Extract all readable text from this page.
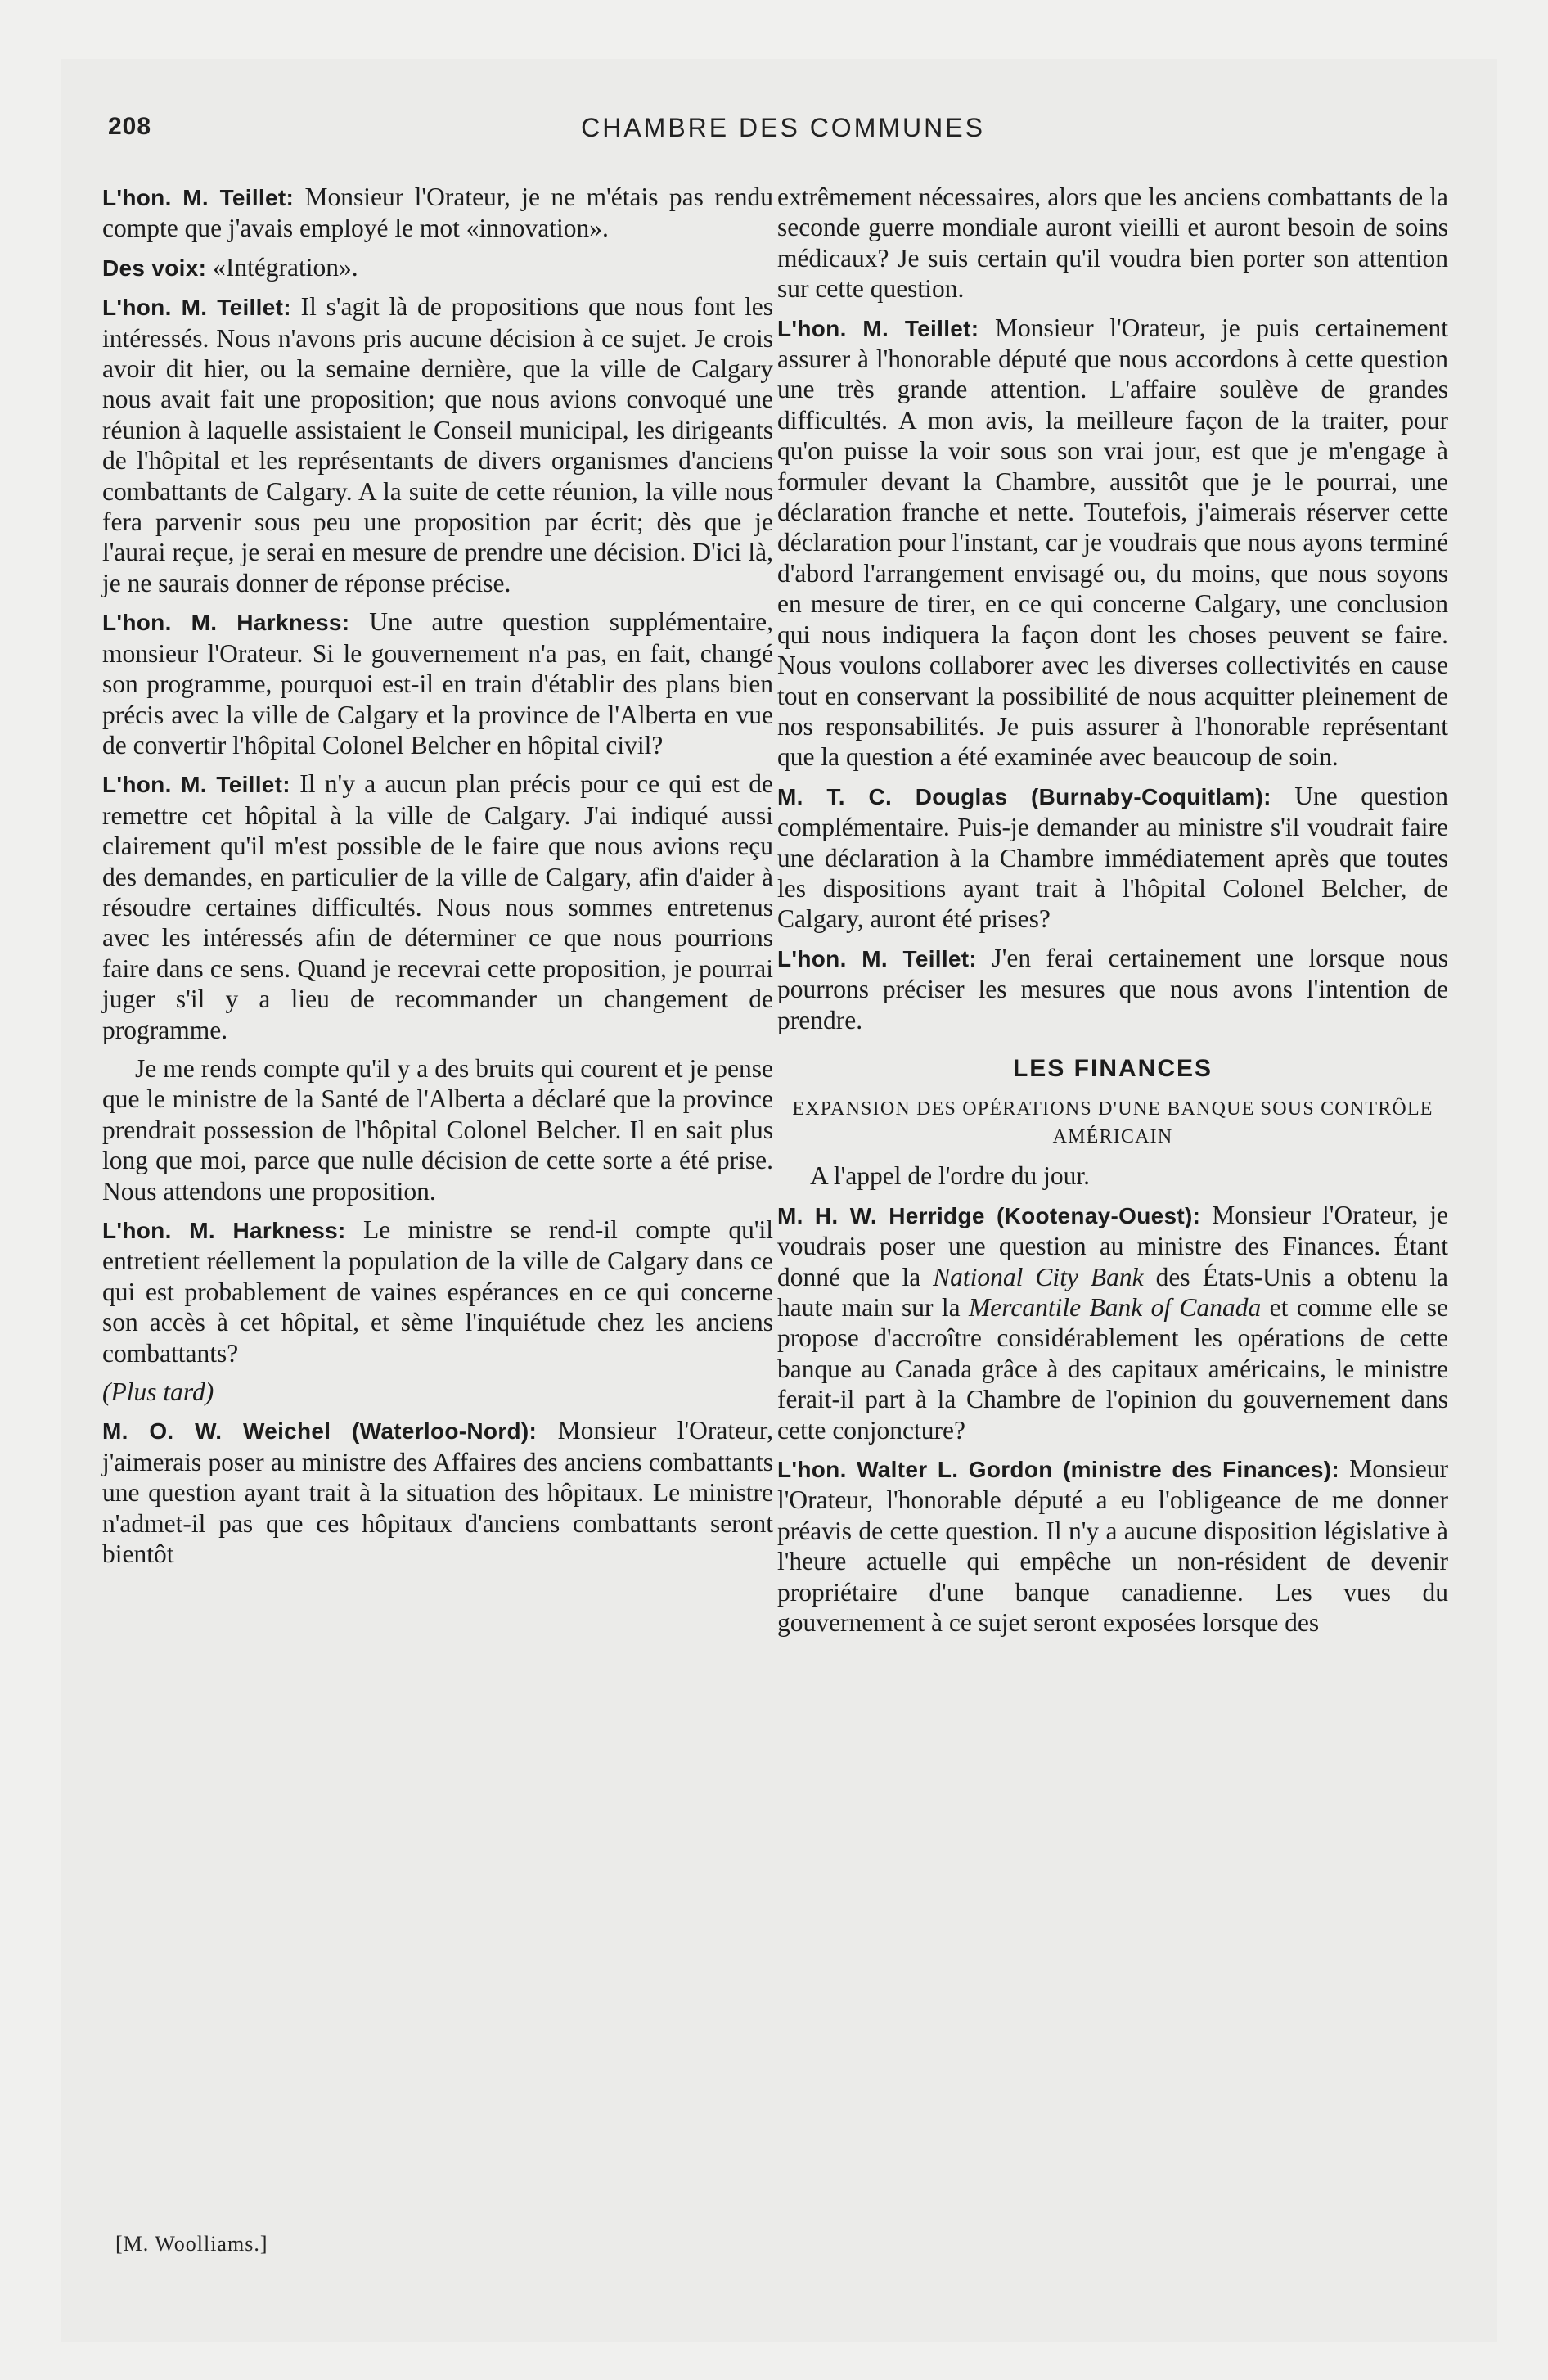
208	CHAMBRE DES COMMUNES

L'hon. M. Teillet: Monsieur l'Orateur, je ne m'étais pas rendu compte que j'avais employé le mot «innovation».

Des voix: «Intégration».

L'hon. M. Teillet: Il s'agit là de propositions que nous font les intéressés. Nous n'avons pris aucune décision à ce sujet. Je crois avoir dit hier, ou la semaine dernière, que la ville de Calgary nous avait fait une proposition; que nous avions convoqué une réunion à laquelle assistaient le Conseil municipal, les dirigeants de l'hôpital et les représentants de divers organismes d'anciens combattants de Calgary. A la suite de cette réunion, la ville nous fera parvenir sous peu une proposition par écrit; dès que je l'aurai reçue, je serai en mesure de prendre une décision. D'ici là, je ne saurais donner de réponse précise.

L'hon. M. Harkness: Une autre question supplémentaire, monsieur l'Orateur. Si le gouvernement n'a pas, en fait, changé son programme, pourquoi est-il en train d'établir des plans bien précis avec la ville de Calgary et la province de l'Alberta en vue de convertir l'hôpital Colonel Belcher en hôpital civil?

L'hon. M. Teillet: Il n'y a aucun plan précis pour ce qui est de remettre cet hôpital à la ville de Calgary. J'ai indiqué aussi clairement qu'il m'est possible de le faire que nous avions reçu des demandes, en particulier de la ville de Calgary, afin d'aider à résoudre certaines difficultés. Nous nous sommes entretenus avec les intéressés afin de déterminer ce que nous pourrions faire dans ce sens. Quand je recevrai cette proposition, je pourrai juger s'il y a lieu de recommander un changement de programme.

Je me rends compte qu'il y a des bruits qui courent et je pense que le ministre de la Santé de l'Alberta a déclaré que la province prendrait possession de l'hôpital Colonel Belcher. Il en sait plus long que moi, parce que nulle décision de cette sorte a été prise. Nous attendons une proposition.

L'hon. M. Harkness: Le ministre se rend-il compte qu'il entretient réellement la population de la ville de Calgary dans ce qui est probablement de vaines espérances en ce qui concerne son accès à cet hôpital, et sème l'inquiétude chez les anciens combattants?

(Plus tard)

M. O. W. Weichel (Waterloo-Nord): Monsieur l'Orateur, j'aimerais poser au ministre des Affaires des anciens combattants une question ayant trait à la situation des hôpitaux. Le ministre n'admet-il pas que ces hôpitaux d'anciens combattants seront bientôt

extrêmement nécessaires, alors que les anciens combattants de la seconde guerre mondiale auront vieilli et auront besoin de soins médicaux? Je suis certain qu'il voudra bien porter son attention sur cette question.

L'hon. M. Teillet: Monsieur l'Orateur, je puis certainement assurer à l'honorable député que nous accordons à cette question une très grande attention. L'affaire soulève de grandes difficultés. A mon avis, la meilleure façon de la traiter, pour qu'on puisse la voir sous son vrai jour, est que je m'engage à formuler devant la Chambre, aussitôt que je le pourrai, une déclaration franche et nette. Toutefois, j'aimerais réserver cette déclaration pour l'instant, car je voudrais que nous ayons terminé d'abord l'arrangement envisagé ou, du moins, que nous soyons en mesure de tirer, en ce qui concerne Calgary, une conclusion qui nous indiquera la façon dont les choses peuvent se faire. Nous voulons collaborer avec les diverses collectivités en cause tout en conservant la possibilité de nous acquitter pleinement de nos responsabilités. Je puis assurer à l'honorable représentant que la question a été examinée avec beaucoup de soin.

M. T. C. Douglas (Burnaby-Coquitlam): Une question complémentaire. Puis-je demander au ministre s'il voudrait faire une déclaration à la Chambre immédiatement après que toutes les dispositions ayant trait à l'hôpital Colonel Belcher, de Calgary, auront été prises?

L'hon. M. Teillet: J'en ferai certainement une lorsque nous pourrons préciser les mesures que nous avons l'intention de prendre.

LES FINANCES
EXPANSION DES OPÉRATIONS D'UNE BANQUE SOUS CONTRÔLE AMÉRICAIN

A l'appel de l'ordre du jour.

M. H. W. Herridge (Kootenay-Ouest): Monsieur l'Orateur, je voudrais poser une question au ministre des Finances. Étant donné que la National City Bank des États-Unis a obtenu la haute main sur la Mercantile Bank of Canada et comme elle se propose d'accroître considérablement les opérations de cette banque au Canada grâce à des capitaux américains, le ministre ferait-il part à la Chambre de l'opinion du gouvernement dans cette conjoncture?

L'hon. Walter L. Gordon (ministre des Finances): Monsieur l'Orateur, l'honorable député a eu l'obligeance de me donner préavis de cette question. Il n'y a aucune disposition législative à l'heure actuelle qui empêche un non-résident de devenir propriétaire d'une banque canadienne. Les vues du gouvernement à ce sujet seront exposées lorsque des

[M. Woolliams.]
